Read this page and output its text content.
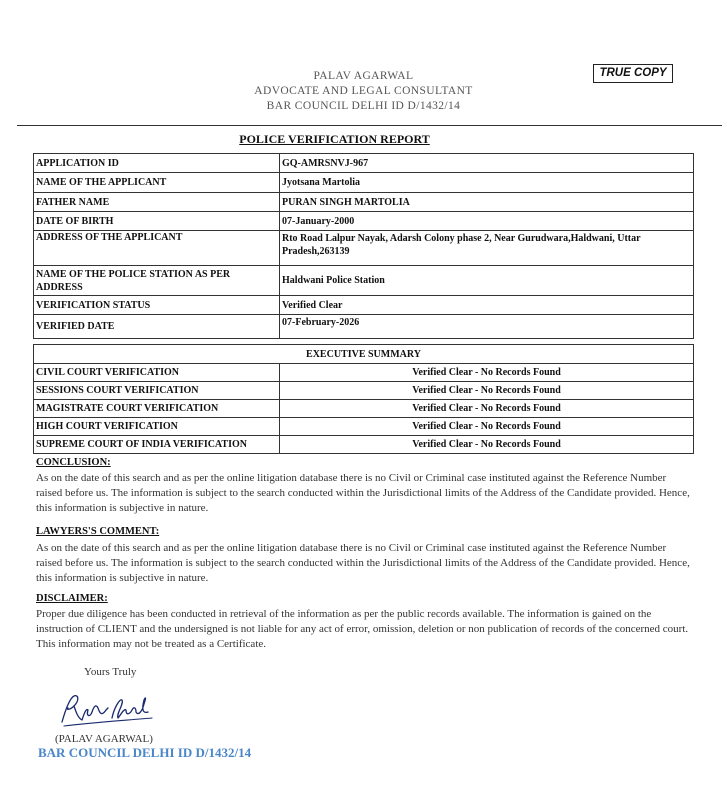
PALAV AGARWAL
ADVOCATE AND LEGAL CONSULTANT
BAR COUNCIL DELHI ID D/1432/14
TRUE COPY
POLICE VERIFICATION REPORT
APPLICATION ID	GQ-AMRSNVJ-967
NAME OF THE APPLICANT	Jyotsana Martolia
FATHER NAME	PURAN SINGH MARTOLIA
DATE OF BIRTH	07-January-2000
ADDRESS OF THE APPLICANT	Rto Road Lalpur Nayak, Adarsh Colony phase 2, Near Gurudwara,Haldwani, Uttar Pradesh,263139
NAME OF THE POLICE STATION AS PER ADDRESS	Haldwani Police Station
VERIFICATION STATUS	Verified Clear
VERIFIED DATE	07-February-2026
EXECUTIVE SUMMARY	
CIVIL COURT VERIFICATION	Verified Clear - No Records Found
SESSIONS COURT VERIFICATION	Verified Clear - No Records Found
MAGISTRATE COURT VERIFICATION	Verified Clear - No Records Found
HIGH COURT VERIFICATION	Verified Clear - No Records Found
SUPREME COURT OF INDIA VERIFICATION	Verified Clear - No Records Found
CONCLUSION:
As on the date of this search and as per the online litigation database there is no Civil or Criminal case instituted against the Reference Number raised before us. The information is subject to the search conducted within the Jurisdictional limits of the Address of the Candidate provided. Hence, this information is subjective in nature.
LAWYERS'S COMMENT:
As on the date of this search and as per the online litigation database there is no Civil or Criminal case instituted against the Reference Number raised before us. The information is subject to the search conducted within the Jurisdictional limits of the Address of the Candidate provided. Hence, this information is subjective in nature.
DISCLAIMER:
Proper due diligence has been conducted in retrieval of the information as per the public records available. The information is gained on the instruction of CLIENT and the undersigned is not liable for any act of error, omission, deletion or non publication of records of the concerned court. This information may not be treated as a Certificate.
Yours Truly
(PALAV AGARWAL)
BAR COUNCIL DELHI ID D/1432/14
